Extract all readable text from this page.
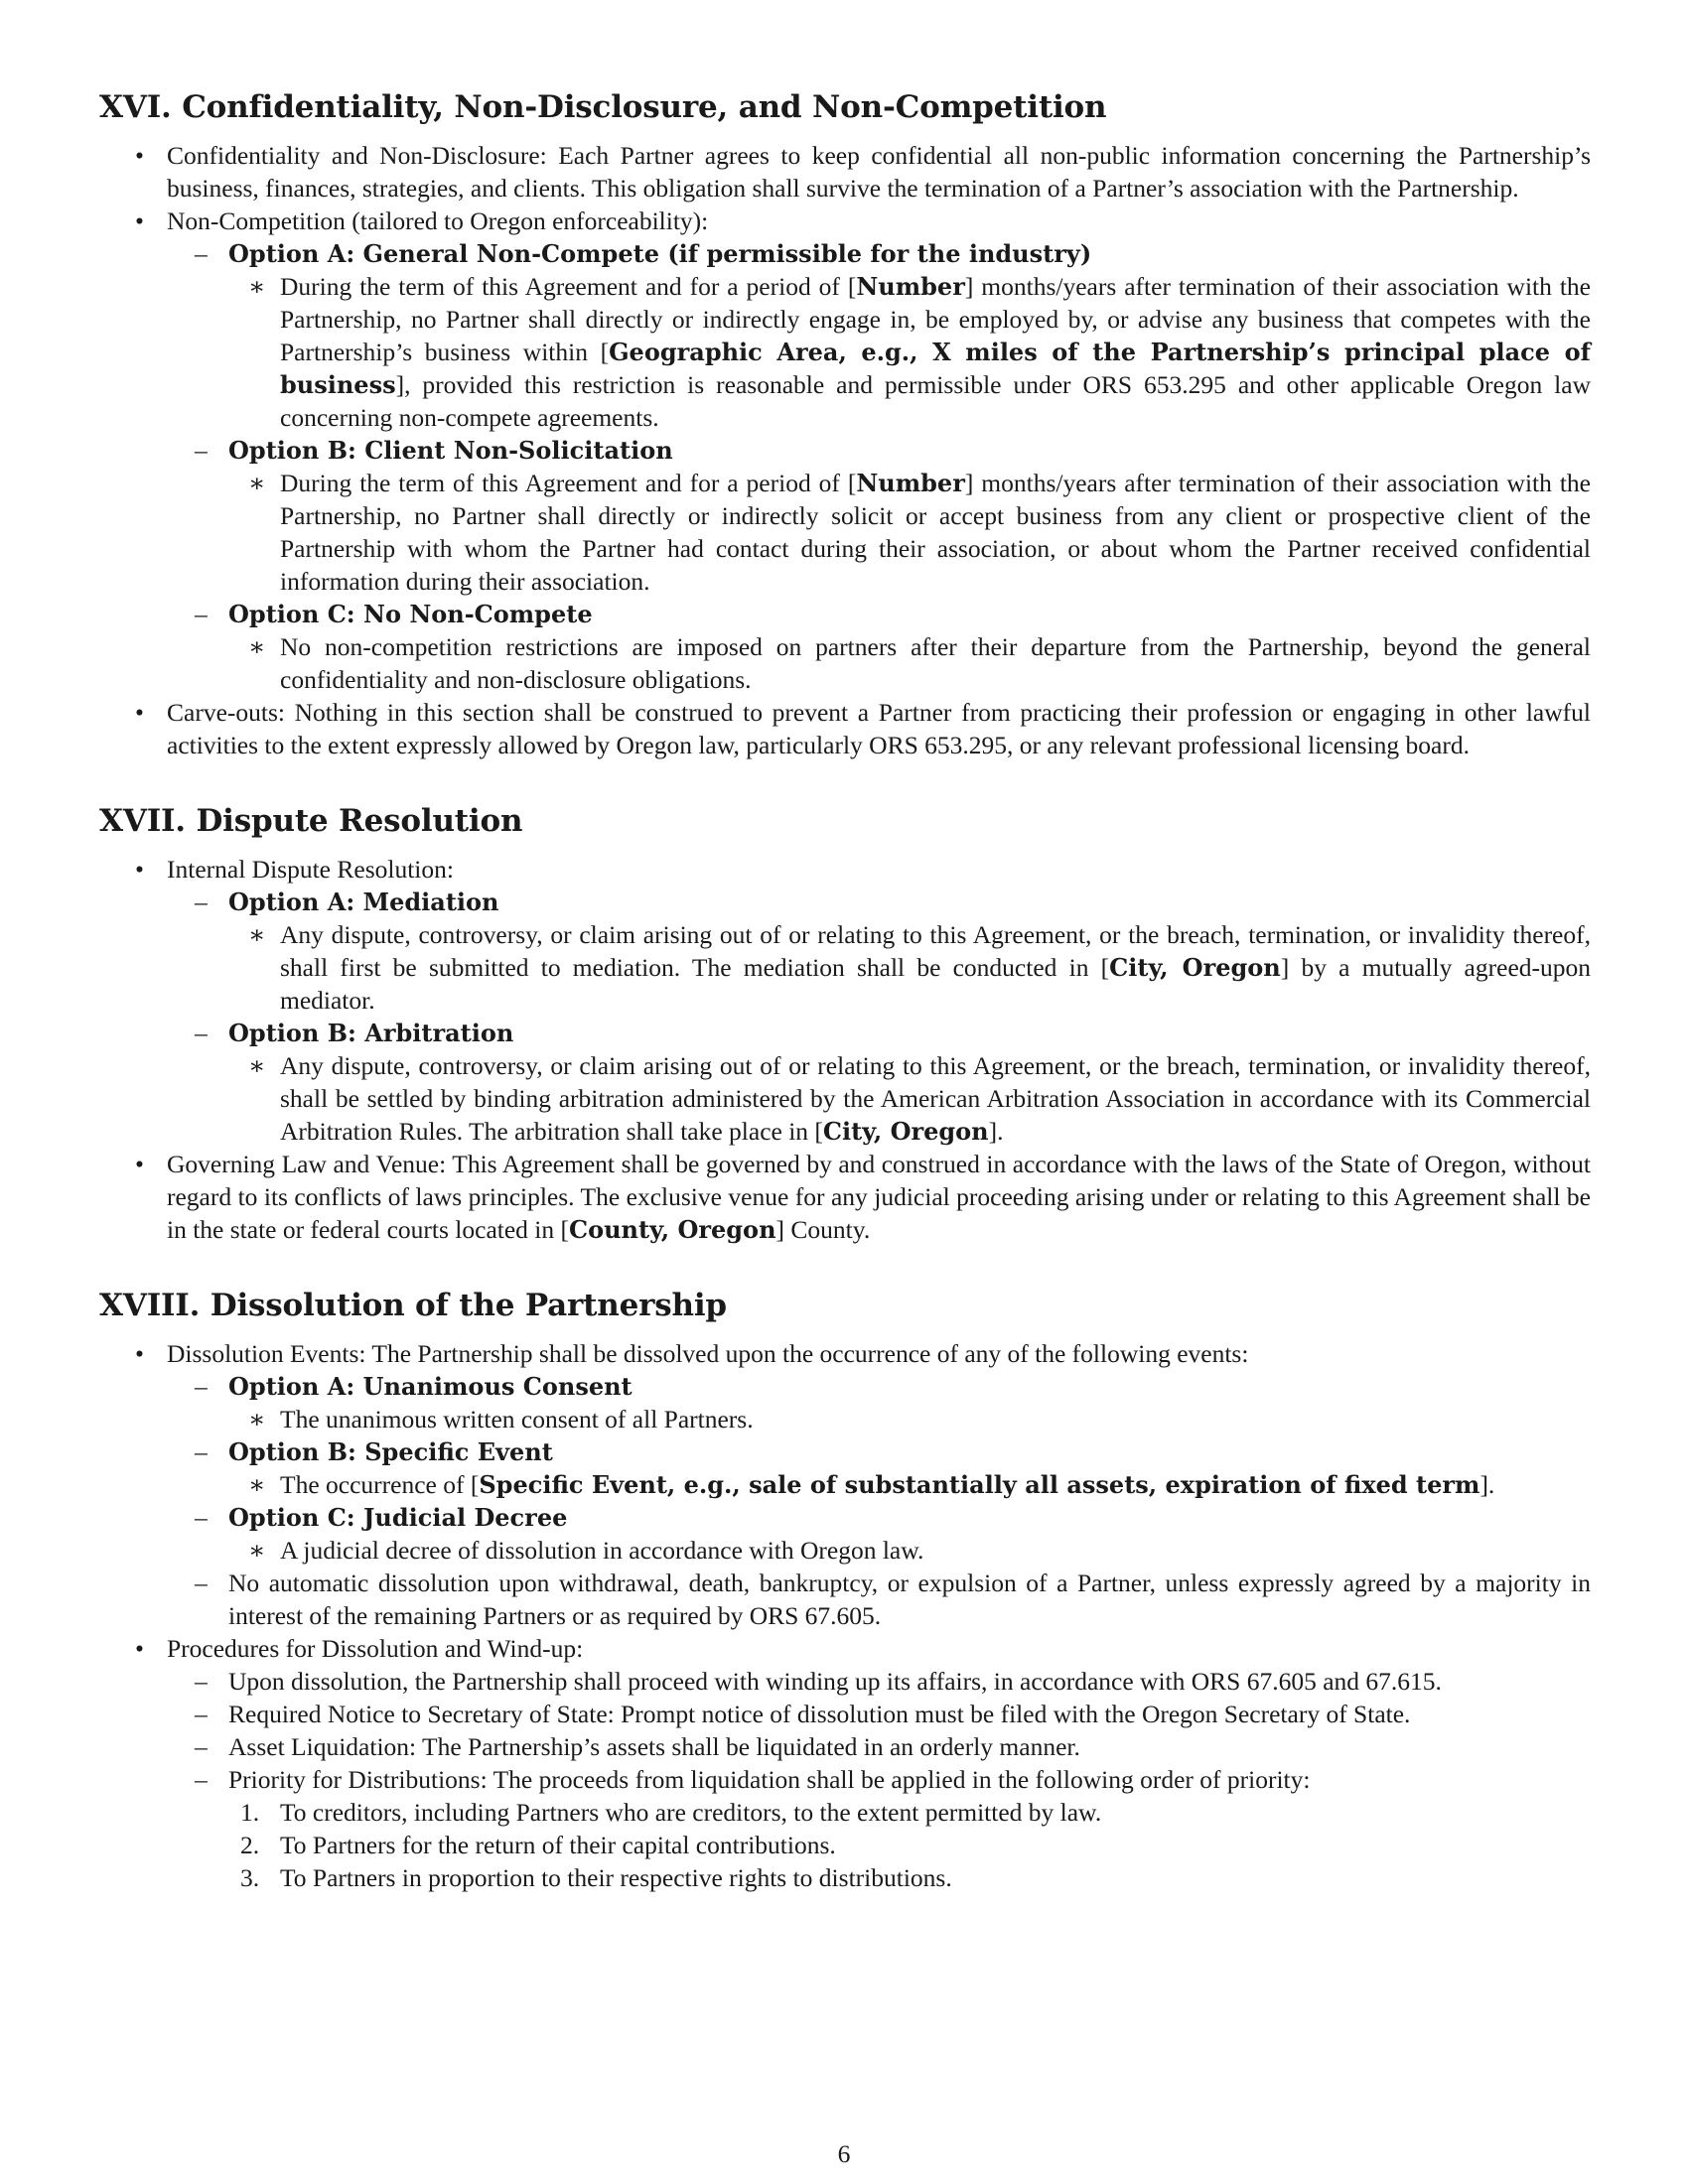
XVI. Confidentiality, Non-Disclosure, and Non-Competition

• Confidentiality and Non-Disclosure: Each Partner agrees to keep confidential all non-public information concerning the Partnership’s business, finances, strategies, and clients. This obligation shall survive the termination of a Partner’s association with the Partnership.

• Non-Competition (tailored to Oregon enforceability):

– Option A: General Non-Compete (if permissible for the industry)

∗ During the term of this Agreement and for a period of [Number] months/years after termination of their association with the Partnership, no Partner shall directly or indirectly engage in, be employed by, or advise any business that competes with the Partnership’s business within [Geographic Area, e.g., X miles of the Partnership’s principal place of business], provided this restriction is reasonable and permissible under ORS 653.295 and other applicable Oregon law concerning non-compete agreements.

– Option B: Client Non-Solicitation

∗ During the term of this Agreement and for a period of [Number] months/years after termination of their association with the Partnership, no Partner shall directly or indirectly solicit or accept business from any client or prospective client of the Partnership with whom the Partner had contact during their association, or about whom the Partner received confidential information during their association.

– Option C: No Non-Compete

∗ No non-competition restrictions are imposed on partners after their departure from the Partnership, beyond the general confidentiality and non-disclosure obligations.

• Carve-outs: Nothing in this section shall be construed to prevent a Partner from practicing their profession or engaging in other lawful activities to the extent expressly allowed by Oregon law, particularly ORS 653.295, or any relevant professional licensing board.

XVII. Dispute Resolution

• Internal Dispute Resolution:

– Option A: Mediation

∗ Any dispute, controversy, or claim arising out of or relating to this Agreement, or the breach, termination, or invalidity thereof, shall first be submitted to mediation. The mediation shall be conducted in [City, Oregon] by a mutually agreed-upon mediator.

– Option B: Arbitration

∗ Any dispute, controversy, or claim arising out of or relating to this Agreement, or the breach, termination, or invalidity thereof, shall be settled by binding arbitration administered by the American Arbitration Association in accordance with its Commercial Arbitration Rules. The arbitration shall take place in [City, Oregon].

• Governing Law and Venue: This Agreement shall be governed by and construed in accordance with the laws of the State of Oregon, without regard to its conflicts of laws principles. The exclusive venue for any judicial proceeding arising under or relating to this Agreement shall be in the state or federal courts located in [County, Oregon] County.

XVIII. Dissolution of the Partnership

• Dissolution Events: The Partnership shall be dissolved upon the occurrence of any of the following events:

– Option A: Unanimous Consent

∗ The unanimous written consent of all Partners.

– Option B: Specific Event

∗ The occurrence of [Specific Event, e.g., sale of substantially all assets, expiration of fixed term].

– Option C: Judicial Decree

∗ A judicial decree of dissolution in accordance with Oregon law.

– No automatic dissolution upon withdrawal, death, bankruptcy, or expulsion of a Partner, unless expressly agreed by a majority in interest of the remaining Partners or as required by ORS 67.605.

• Procedures for Dissolution and Wind-up:

– Upon dissolution, the Partnership shall proceed with winding up its affairs, in accordance with ORS 67.605 and 67.615.

– Required Notice to Secretary of State: Prompt notice of dissolution must be filed with the Oregon Secretary of State.

– Asset Liquidation: The Partnership’s assets shall be liquidated in an orderly manner.

– Priority for Distributions: The proceeds from liquidation shall be applied in the following order of priority:

1. To creditors, including Partners who are creditors, to the extent permitted by law.

2. To Partners for the return of their capital contributions.

3. To Partners in proportion to their respective rights to distributions.

6
